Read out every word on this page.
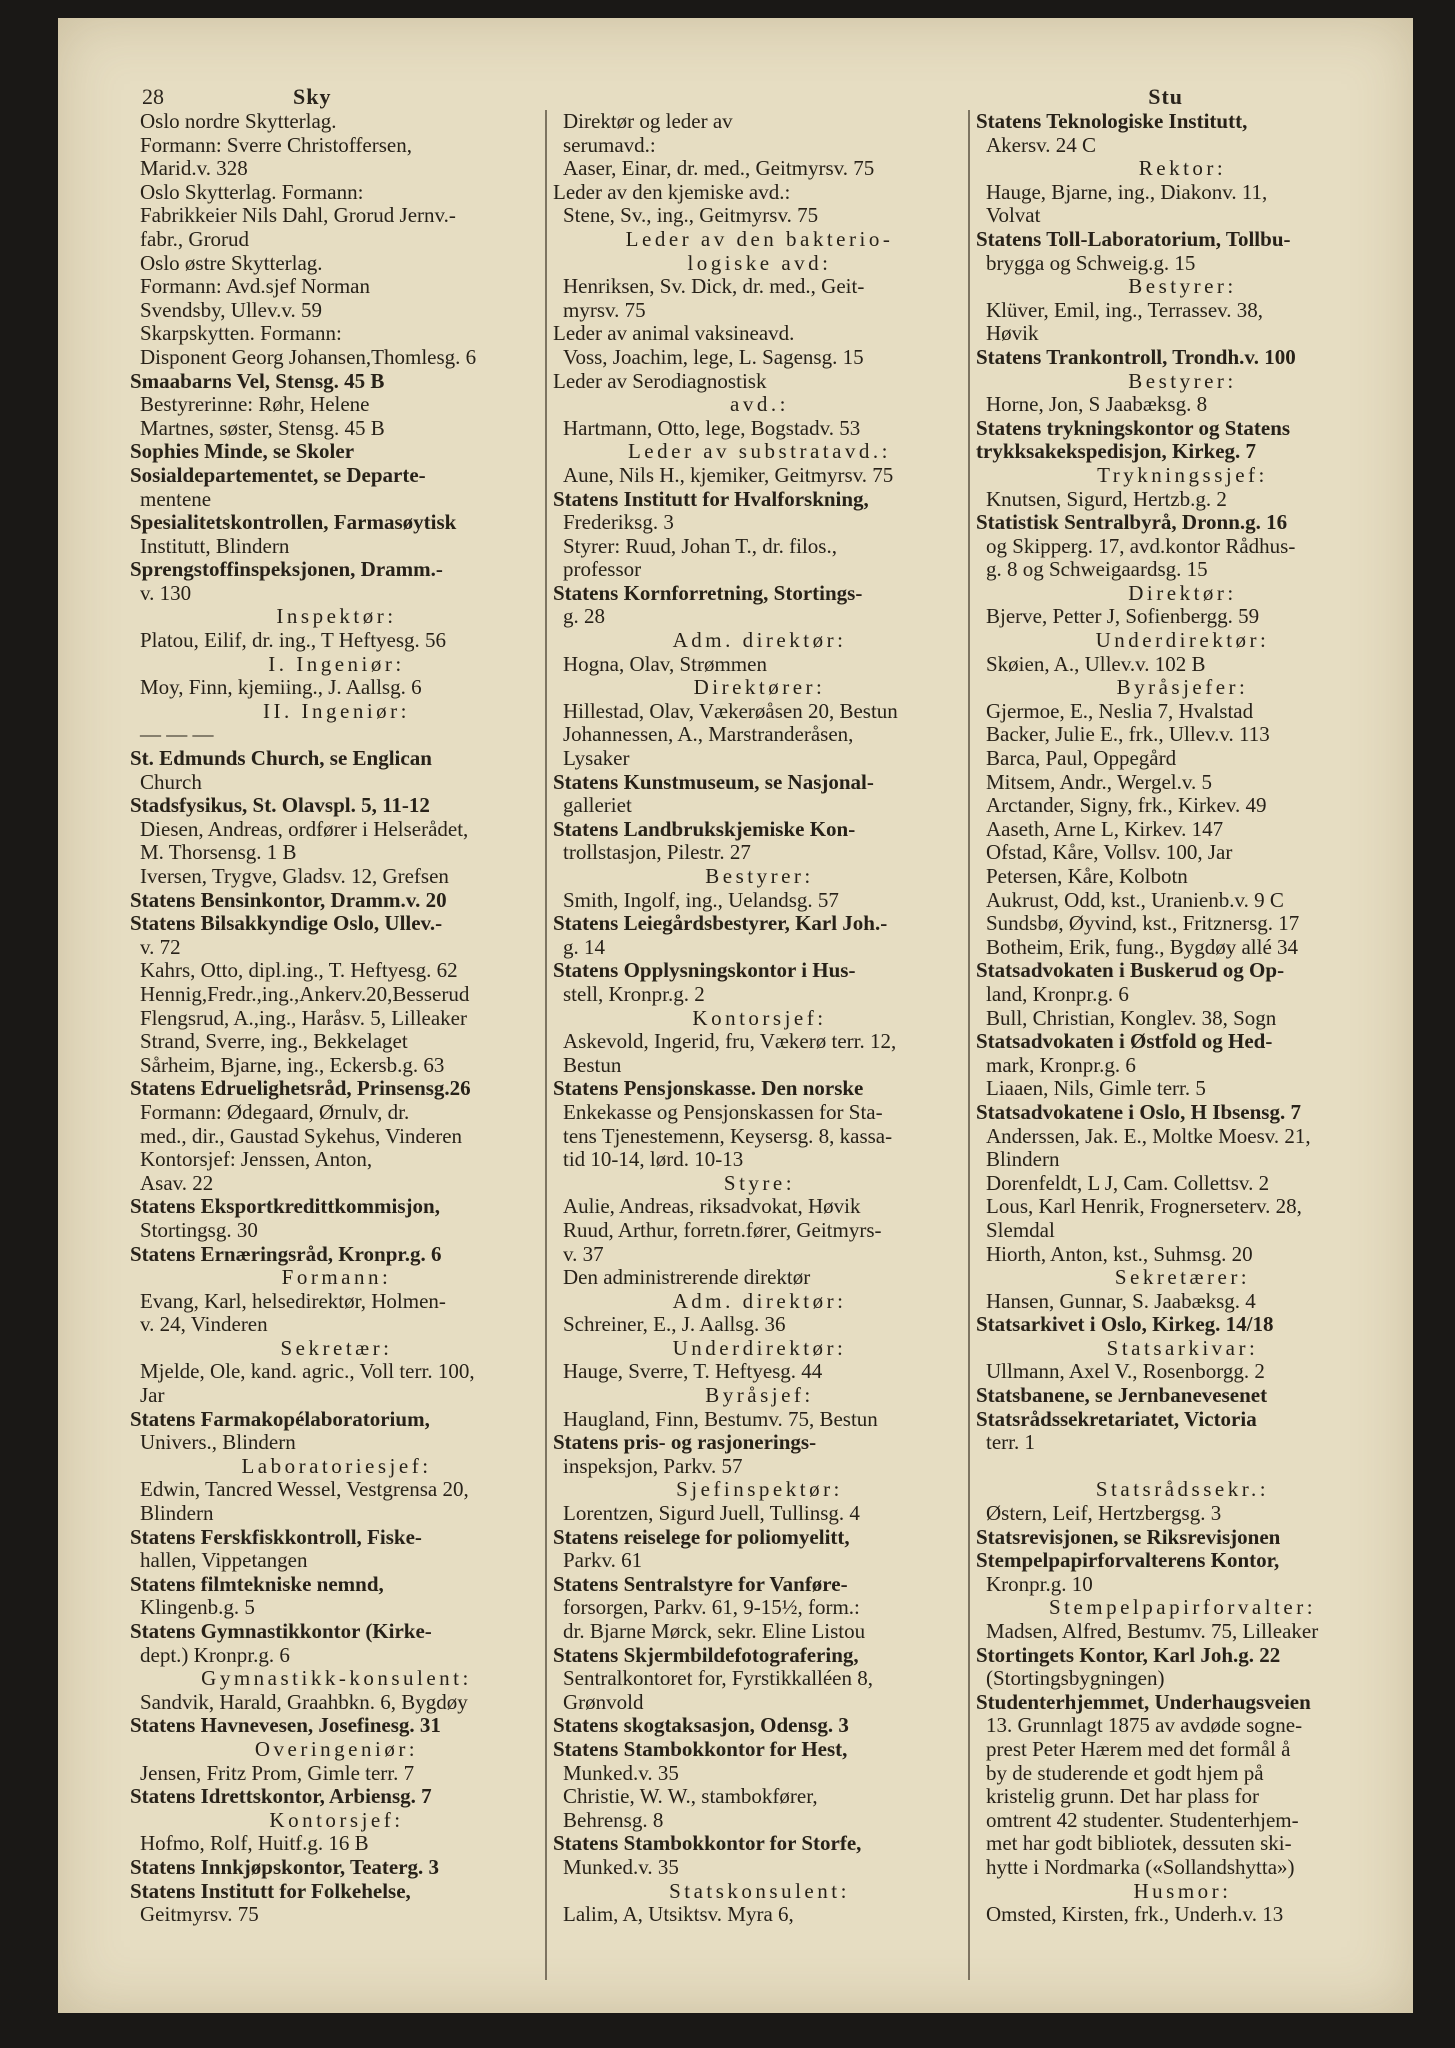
28	Sky	Stu
Oslo nordre Skytterlag.
Formann: Sverre Christoffersen,
Marid.v. 328
Oslo Skytterlag. Formann:
Fabrikkeier Nils Dahl, Grorud Jernv.-
fabr., Grorud
Oslo østre Skytterlag.
Formann: Avd.sjef Norman
Svendsby, Ullev.v. 59
Skarpskytten. Formann:
Disponent Georg Johansen,Thomlesg. 6
Smaabarns Vel, Stensg. 45 B
Bestyrerinne: Røhr, Helene
Martnes, søster, Stensg. 45 B
Sophies Minde, se Skoler
Sosialdepartementet, se Departe-
mentene
Spesialitetskontrollen, Farmasøytisk
Institutt, Blindern
Sprengstoffinspeksjonen, Dramm.-
v. 130
Inspektør:
Platou, Eilif, dr. ing., T Heftyesg. 56
I. Ingeniør:
Moy, Finn, kjemiing., J. Aallsg. 6
II. Ingeniør:
— — —
St. Edmunds Church, se Englican
Church
Stadsfysikus, St. Olavspl. 5, 11-12
Diesen, Andreas, ordfører i Helserådet,
M. Thorsensg. 1 B
Iversen, Trygve, Gladsv. 12, Grefsen
Statens Bensinkontor, Dramm.v. 20
Statens Bilsakkyndige Oslo, Ullev.-
v. 72
Kahrs, Otto, dipl.ing., T. Heftyesg. 62
Hennig,Fredr.,ing.,Ankerv.20,Besserud
Flengsrud, A.,ing., Haråsv. 5, Lilleaker
Strand, Sverre, ing., Bekkelaget
Sårheim, Bjarne, ing., Eckersb.g. 63
Statens Edruelighetsråd, Prinsensg.26
Formann: Ødegaard, Ørnulv, dr.
med., dir., Gaustad Sykehus, Vinderen
Kontorsjef: Jenssen, Anton,
Asav. 22
Statens Eksportkredittkommisjon,
Stortingsg. 30
Statens Ernæringsråd, Kronpr.g. 6
Formann:
Evang, Karl, helsedirektør, Holmen-
v. 24, Vinderen
Sekretær:
Mjelde, Ole, kand. agric., Voll terr. 100,
Jar
Statens Farmakopélaboratorium,
Univers., Blindern
Laboratoriesjef:
Edwin, Tancred Wessel, Vestgrensa 20,
Blindern
Statens Ferskfiskkontroll, Fiske-
hallen, Vippetangen
Statens filmtekniske nemnd,
Klingenb.g. 5
Statens Gymnastikkontor (Kirke-
dept.) Kronpr.g. 6
Gymnastikk-konsulent:
Sandvik, Harald, Graahbkn. 6, Bygdøy
Statens Havnevesen, Josefinesg. 31
Overingeniør:
Jensen, Fritz Prom, Gimle terr. 7
Statens Idrettskontor, Arbiensg. 7
Kontorsjef:
Hofmo, Rolf, Huitf.g. 16 B
Statens Innkjøpskontor, Teaterg. 3
Statens Institutt for Folkehelse,
Geitmyrsv. 75
Direktør og leder av
serumavd.:
Aaser, Einar, dr. med., Geitmyrsv. 75
Leder av den kjemiske avd.:
Stene, Sv., ing., Geitmyrsv. 75
Leder av den bakterio-
logiske avd:
Henriksen, Sv. Dick, dr. med., Geit-
myrsv. 75
Leder av animal vaksineavd.
Voss, Joachim, lege, L. Sagensg. 15
Leder av Serodiagnostisk
avd.:
Hartmann, Otto, lege, Bogstadv. 53
Leder av substratavd.:
Aune, Nils H., kjemiker, Geitmyrsv. 75
Statens Institutt for Hvalforskning,
Frederiksg. 3
Styrer: Ruud, Johan T., dr. filos.,
professor
Statens Kornforretning, Stortings-
g. 28
Adm. direktør:
Hogna, Olav, Strømmen
Direktører:
Hillestad, Olav, Vækerøåsen 20, Bestun
Johannessen, A., Marstranderåsen,
Lysaker
Statens Kunstmuseum, se Nasjonal-
galleriet
Statens Landbrukskjemiske Kon-
trollstasjon, Pilestr. 27
Bestyrer:
Smith, Ingolf, ing., Uelandsg. 57
Statens Leiegårdsbestyrer, Karl Joh.-
g. 14
Statens Opplysningskontor i Hus-
stell, Kronpr.g. 2
Kontorsjef:
Askevold, Ingerid, fru, Vækerø terr. 12,
Bestun
Statens Pensjonskasse. Den norske
Enkekasse og Pensjonskassen for Sta-
tens Tjenestemenn, Keysersg. 8, kassa-
tid 10-14, lørd. 10-13
Styre:
Aulie, Andreas, riksadvokat, Høvik
Ruud, Arthur, forretn.fører, Geitmyrs-
v. 37
Den administrerende direktør
Adm. direktør:
Schreiner, E., J. Aallsg. 36
Underdirektør:
Hauge, Sverre, T. Heftyesg. 44
Byråsjef:
Haugland, Finn, Bestumv. 75, Bestun
Statens pris- og rasjonerings-
inspeksjon, Parkv. 57
Sjefinspektør:
Lorentzen, Sigurd Juell, Tullinsg. 4
Statens reiselege for poliomyelitt,
Parkv. 61
Statens Sentralstyre for Vanføre-
forsorgen, Parkv. 61, 9-15½, form.:
dr. Bjarne Mørck, sekr. Eline Listou
Statens Skjermbildefotografering,
Sentralkontoret for, Fyrstikkalléen 8,
Grønvold
Statens skogtaksasjon, Odensg. 3
Statens Stambokkontor for Hest,
Munked.v. 35
Christie, W. W., stambokfører,
Behrensg. 8
Statens Stambokkontor for Storfe,
Munked.v. 35
Statskonsulent:
Lalim, A, Utsiktsv. Myra 6,
Statens Teknologiske Institutt,
Akersv. 24 C
Rektor:
Hauge, Bjarne, ing., Diakonv. 11,
Volvat
Statens Toll-Laboratorium, Tollbu-
brygga og Schweig.g. 15
Bestyrer:
Klüver, Emil, ing., Terrassev. 38,
Høvik
Statens Trankontroll, Trondh.v. 100
Bestyrer:
Horne, Jon, S Jaabæksg. 8
Statens trykningskontor og Statens
trykksakekspedisjon, Kirkeg. 7
Trykningssjef:
Knutsen, Sigurd, Hertzb.g. 2
Statistisk Sentralbyrå, Dronn.g. 16
og Skipperg. 17, avd.kontor Rådhus-
g. 8 og Schweigaardsg. 15
Direktør:
Bjerve, Petter J, Sofienbergg. 59
Underdirektør:
Skøien, A., Ullev.v. 102 B
Byråsjefer:
Gjermoe, E., Neslia 7, Hvalstad
Backer, Julie E., frk., Ullev.v. 113
Barca, Paul, Oppegård
Mitsem, Andr., Wergel.v. 5
Arctander, Signy, frk., Kirkev. 49
Aaseth, Arne L, Kirkev. 147
Ofstad, Kåre, Vollsv. 100, Jar
Petersen, Kåre, Kolbotn
Aukrust, Odd, kst., Uranienb.v. 9 C
Sundsbø, Øyvind, kst., Fritznersg. 17
Botheim, Erik, fung., Bygdøy allé 34
Statsadvokaten i Buskerud og Op-
land, Kronpr.g. 6
Bull, Christian, Konglev. 38, Sogn
Statsadvokaten i Østfold og Hed-
mark, Kronpr.g. 6
Liaaen, Nils, Gimle terr. 5
Statsadvokatene i Oslo, H Ibsensg. 7
Anderssen, Jak. E., Moltke Moesv. 21,
Blindern
Dorenfeldt, L J, Cam. Collettsv. 2
Lous, Karl Henrik, Frognerseterv. 28,
Slemdal
Hiorth, Anton, kst., Suhmsg. 20
Sekretærer:
Hansen, Gunnar, S. Jaabæksg. 4
Statsarkivet i Oslo, Kirkeg. 14/18
Statsarkivar:
Ullmann, Axel V., Rosenborgg. 2
Statsbanene, se Jernbanevesenet
Statsrådssekretariatet, Victoria
terr. 1

Statsrådssekr.:
Østern, Leif, Hertzbergsg. 3
Statsrevisjonen, se Riksrevisjonen
Stempelpapirforvalterens Kontor,
Kronpr.g. 10
Stempelpapirforvalter:
Madsen, Alfred, Bestumv. 75, Lilleaker
Stortingets Kontor, Karl Joh.g. 22
(Stortingsbygningen)
Studenterhjemmet, Underhaugsveien
13. Grunnlagt 1875 av avdøde sogne-
prest Peter Hærem med det formål å
by de studerende et godt hjem på
kristelig grunn. Det har plass for
omtrent 42 studenter. Studenterhjem-
met har godt bibliotek, dessuten ski-
hytte i Nordmarka («Sollandshytta»)
Husmor:
Omsted, Kirsten, frk., Underh.v. 13
